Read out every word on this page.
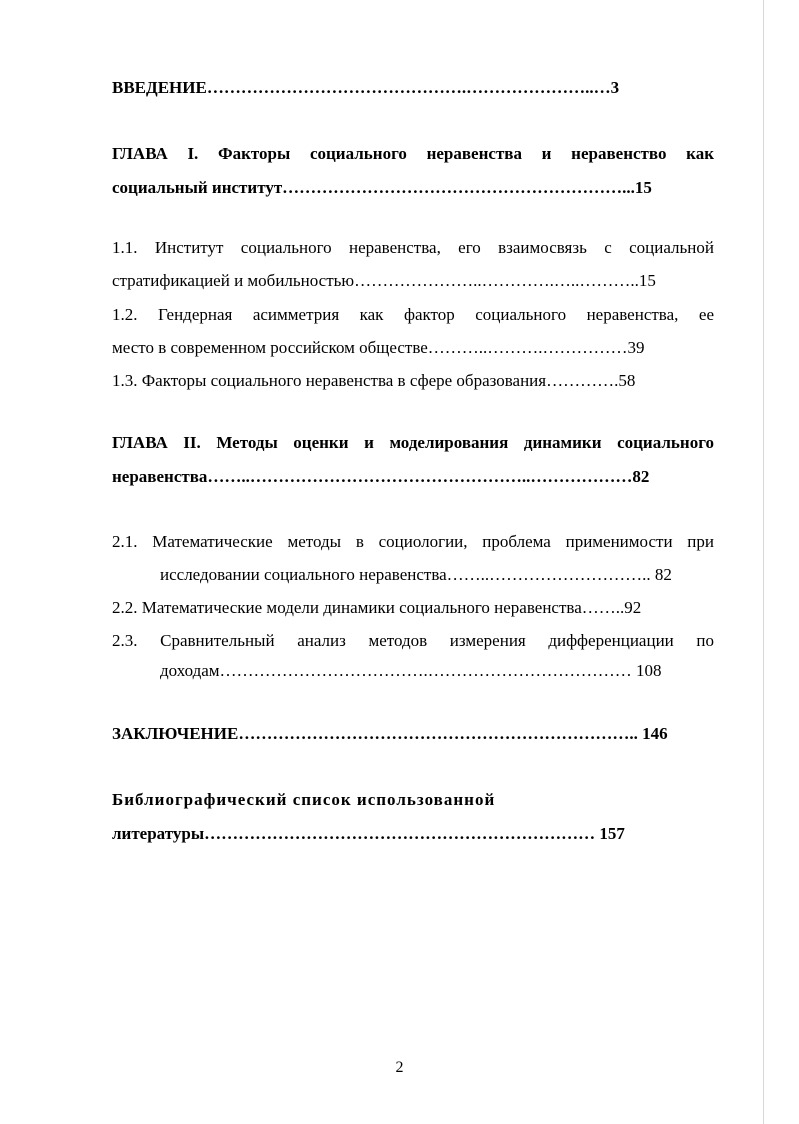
ВВЕДЕНИЕ……………………………………….…………………..…3
ГЛАВА I. Факторы социального неравенства и неравенство как
социальный институт……………………………………………………...15
1.1. Институт социального неравенства, его взаимосвязь с социальной
стратификацией и мобильностью…………………..………….…..………..15
1.2. Гендерная асимметрия как фактор социального неравенства, ее
место в современном российском обществе………..……….……………39
1.3. Факторы социального неравенства в сфере образования………….58
ГЛАВА II. Методы оценки и моделирования динамики социального
неравенства……..…………………………………………..………………82
2.1. Математические методы в социологии, проблема применимости при
исследовании социального неравенства……..……………………….. 82
2.2. Математические модели динамики социального неравенства……..92
2.3. Сравнительный анализ методов измерения дифференциации по
доходам……………………………….……………………………… 108
ЗАКЛЮЧЕНИЕ…………………………………………………………….. 146
Библиографический список использованной
литературы…………………………………………………………… 157
2
